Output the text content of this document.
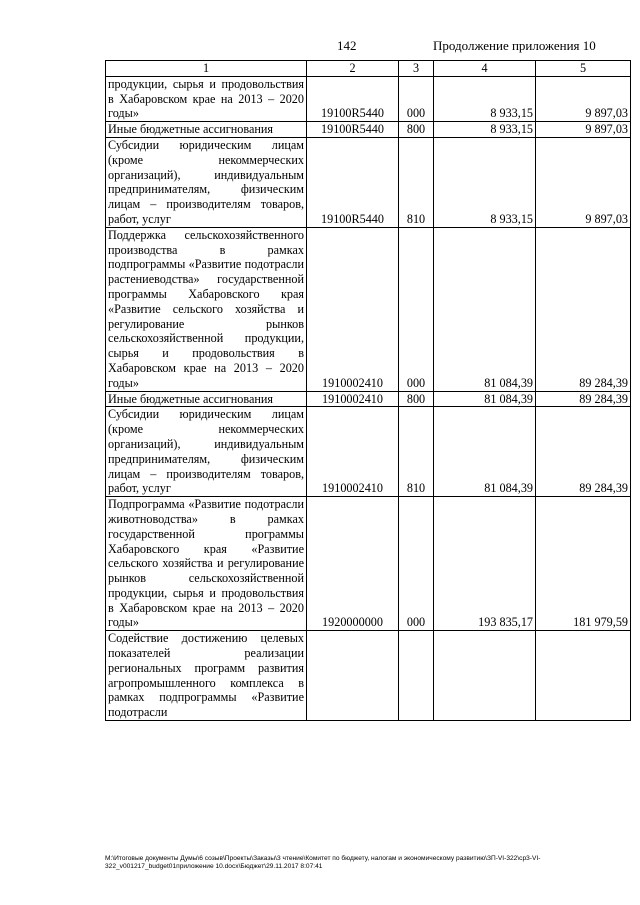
142	Продолжение приложения 10
1	2	3	4	5
продукции, сырья и продовольствия в Хабаровском крае на 2013 – 2020 годы»	19100R5440	000	8 933,15	9 897,03
Иные бюджетные ассигнования	19100R5440	800	8 933,15	9 897,03
Субсидии юридическим лицам (кроме некоммерческих организаций), индивидуальным предпринимателям, физическим лицам – производителям товаров, работ, услуг	19100R5440	810	8 933,15	9 897,03
Поддержка сельскохозяйственного производства в рамках подпрограммы «Развитие подотрасли растениеводства» государственной программы Хабаровского края «Развитие сельского хозяйства и регулирование рынков сельскохозяйственной продукции, сырья и продовольствия в Хабаровском крае на 2013 – 2020 годы»	1910002410	000	81 084,39	89 284,39
Иные бюджетные ассигнования	1910002410	800	81 084,39	89 284,39
Субсидии юридическим лицам (кроме некоммерческих организаций), индивидуальным предпринимателям, физическим лицам – производителям товаров, работ, услуг	1910002410	810	81 084,39	89 284,39
Подпрограмма «Развитие подотрасли животноводства» в рамках государственной программы Хабаровского края «Развитие сельского хозяйства и регулирование рынков сельскохозяйственной продукции, сырья и продовольствия в Хабаровском крае на 2013 – 2020 годы»	1920000000	000	193 835,17	181 979,59
Содействие достижению целевых показателей реализации региональных программ развития агропромышленного комплекса в рамках подпрограммы «Развитие подотрасли				
M:\Итоговые документы Думы\6 созыв\Проекты\Заказы\3 чтение\Комитет по бюджету, налогам и экономическому развитию\ЗП-VI-322\ср3-VI-322_v001217_budget01приложение 10.docx\Бюджет\29.11.2017 8:07:41
